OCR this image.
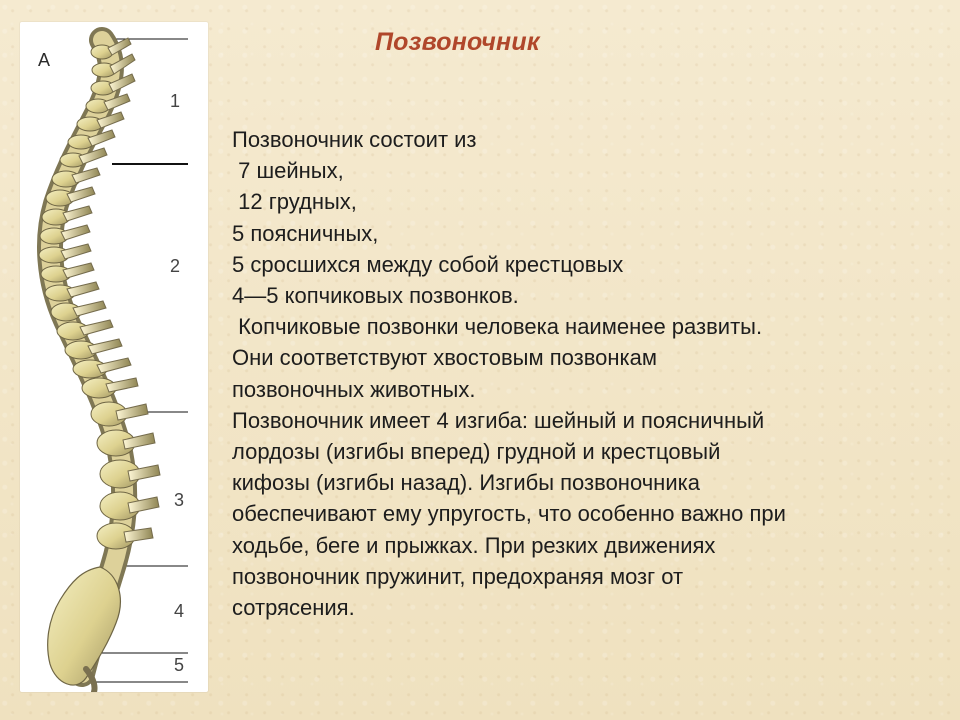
Позвоночник
А
1
2
3
4
5
Позвоночник состоит из
7 шейных,
12 грудных,
5 поясничных,
5 сросшихся между собой крестцовых
4—5 копчиковых позвонков.
Копчиковые позвонки человека наименее развиты.
Они соответствуют хвостовым позвонкам
позвоночных животных.
Позвоночник имеет 4 изгиба: шейный и поясничный
лордозы (изгибы вперед) грудной и крестцовый
кифозы (изгибы назад). Изгибы позвоночника
обеспечивают ему упругость, что особенно важно при
ходьбе, беге и прыжках. При резких движениях
позвоночник пружинит, предохраняя мозг от
сотрясения.
